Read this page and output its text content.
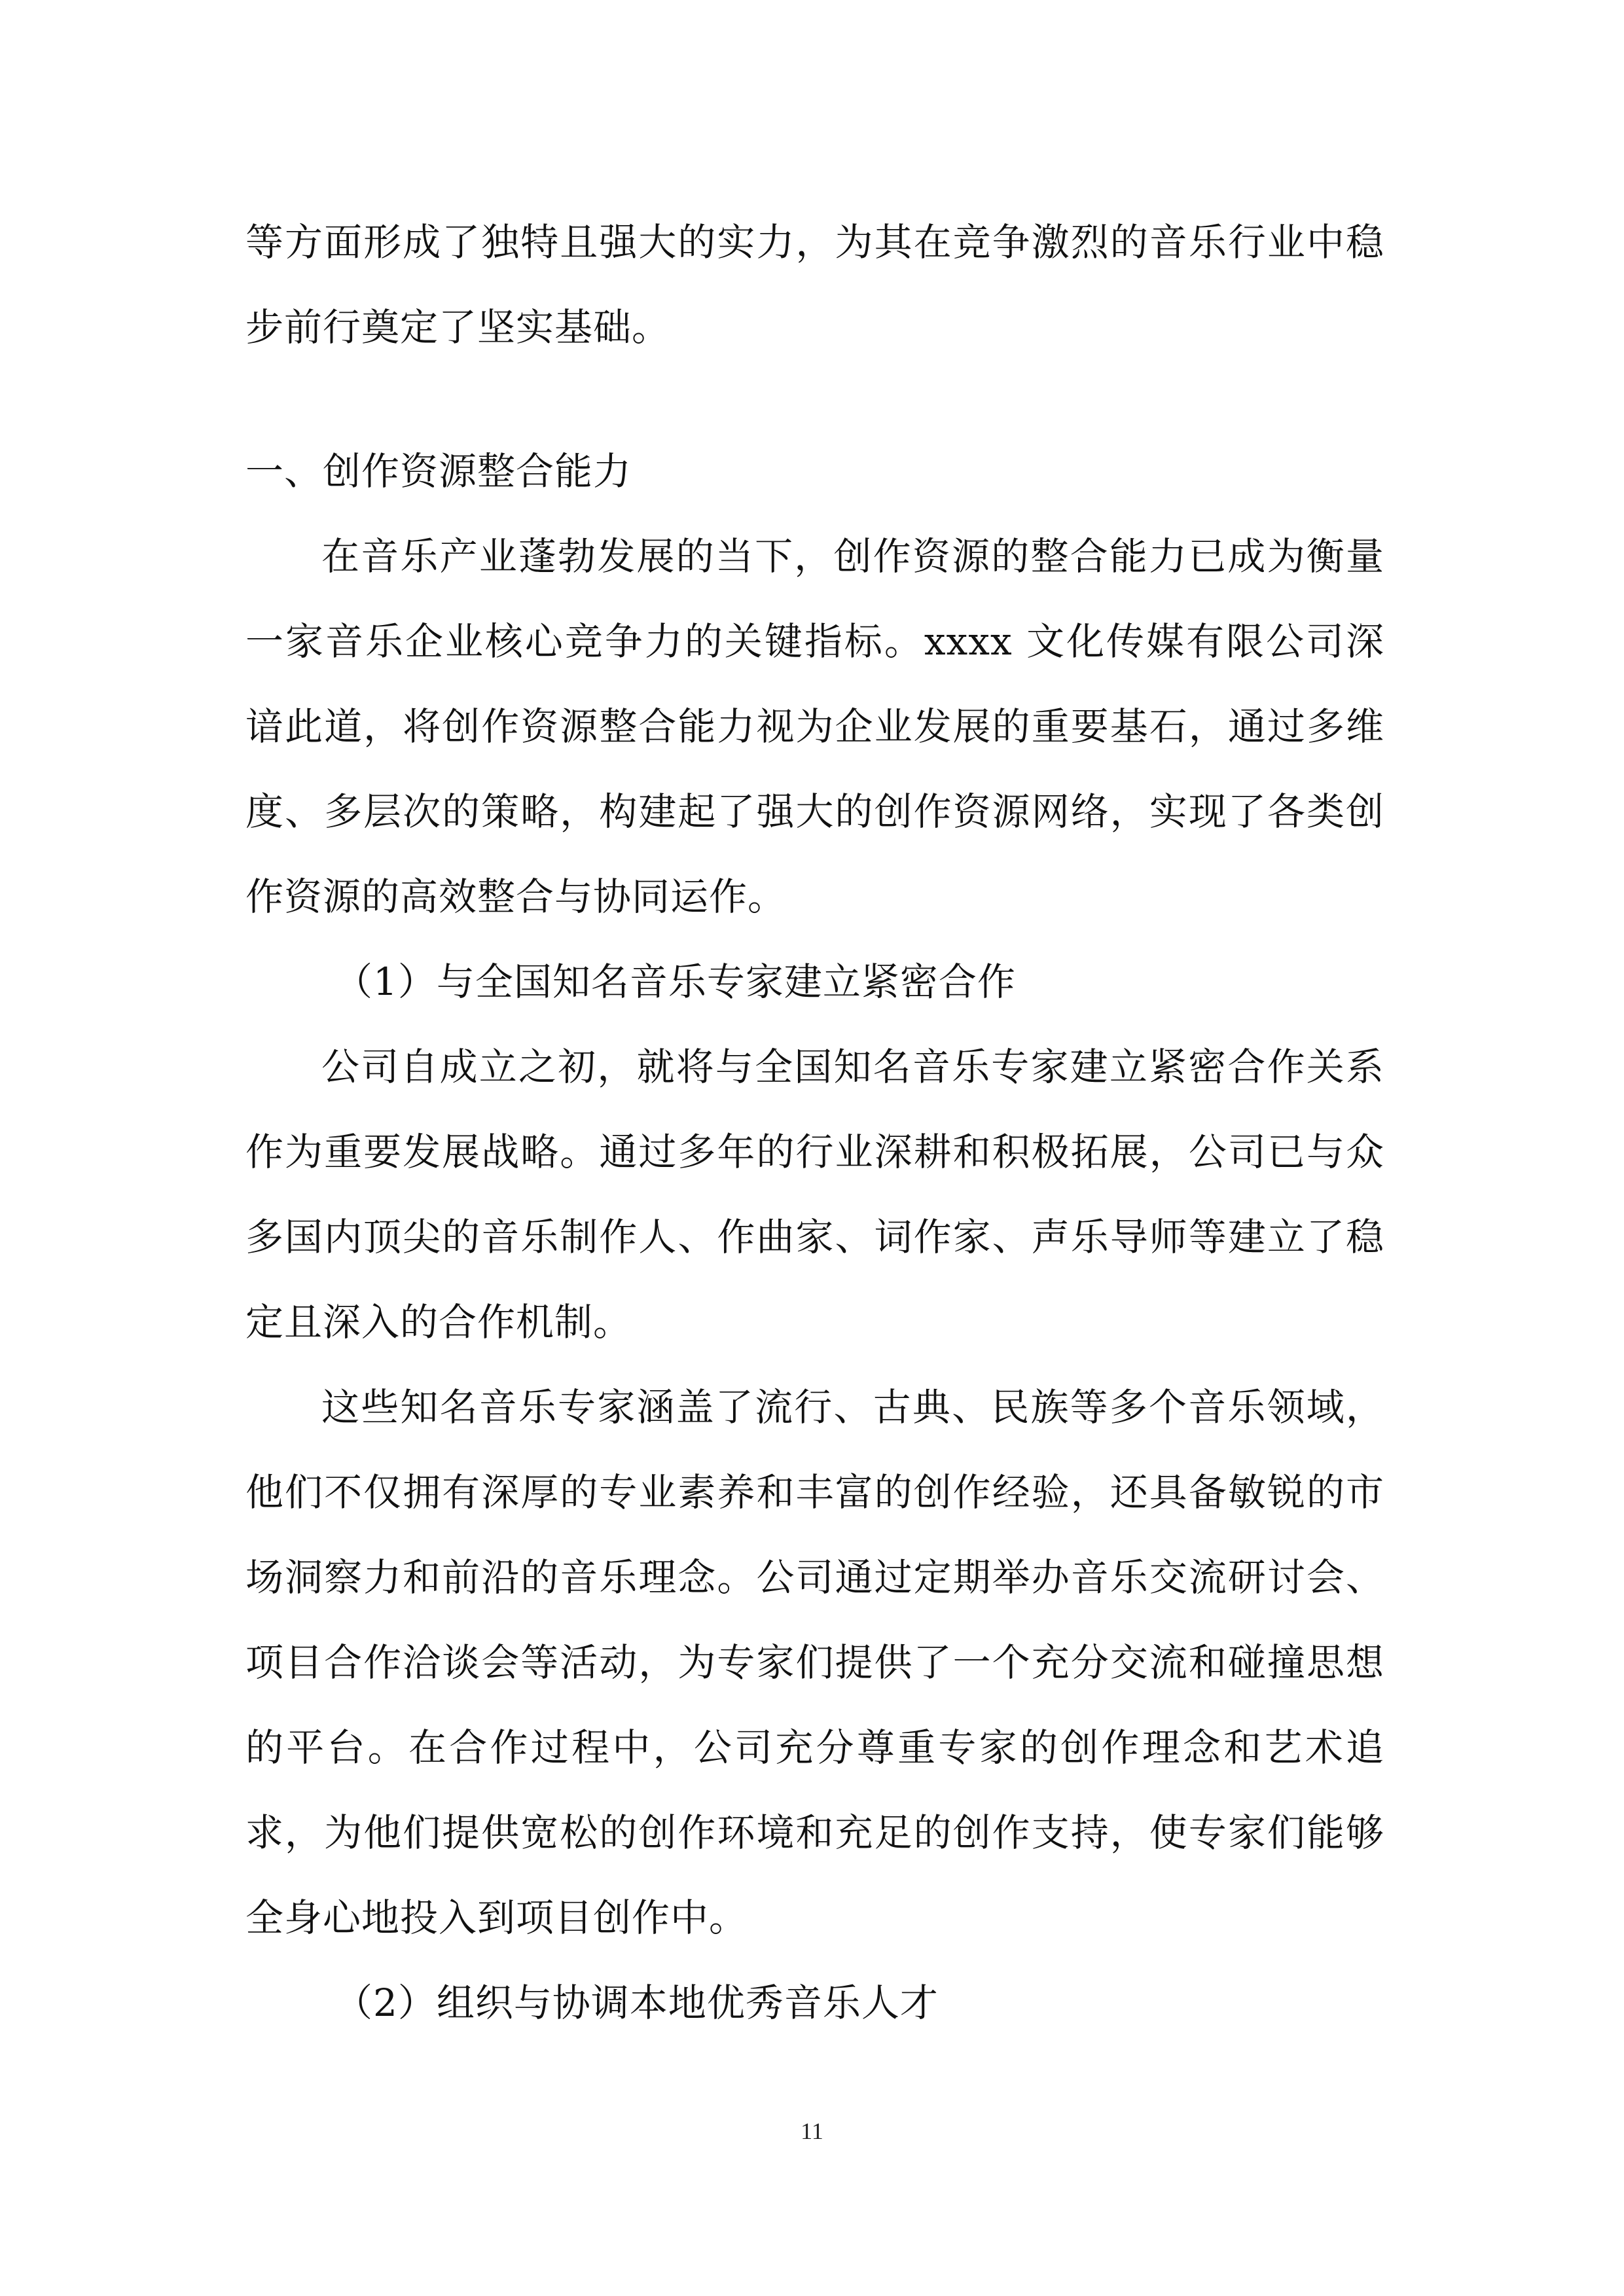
等方面形成了独特且强大的实力，为其在竞争激烈的音乐行业中稳步前行奠定了坚实基础。

一、创作资源整合能力

在音乐产业蓬勃发展的当下，创作资源的整合能力已成为衡量一家音乐企业核心竞争力的关键指标。xxxx 文化传媒有限公司深谙此道，将创作资源整合能力视为企业发展的重要基石，通过多维度、多层次的策略，构建起了强大的创作资源网络，实现了各类创作资源的高效整合与协同运作。

（1）与全国知名音乐专家建立紧密合作

公司自成立之初，就将与全国知名音乐专家建立紧密合作关系作为重要发展战略。通过多年的行业深耕和积极拓展，公司已与众多国内顶尖的音乐制作人、作曲家、词作家、声乐导师等建立了稳定且深入的合作机制。

这些知名音乐专家涵盖了流行、古典、民族等多个音乐领域，他们不仅拥有深厚的专业素养和丰富的创作经验，还具备敏锐的市场洞察力和前沿的音乐理念。公司通过定期举办音乐交流研讨会、项目合作洽谈会等活动，为专家们提供了一个充分交流和碰撞思想的平台。在合作过程中，公司充分尊重专家的创作理念和艺术追求，为他们提供宽松的创作环境和充足的创作支持，使专家们能够全身心地投入到项目创作中。

（2）组织与协调本地优秀音乐人才

11
